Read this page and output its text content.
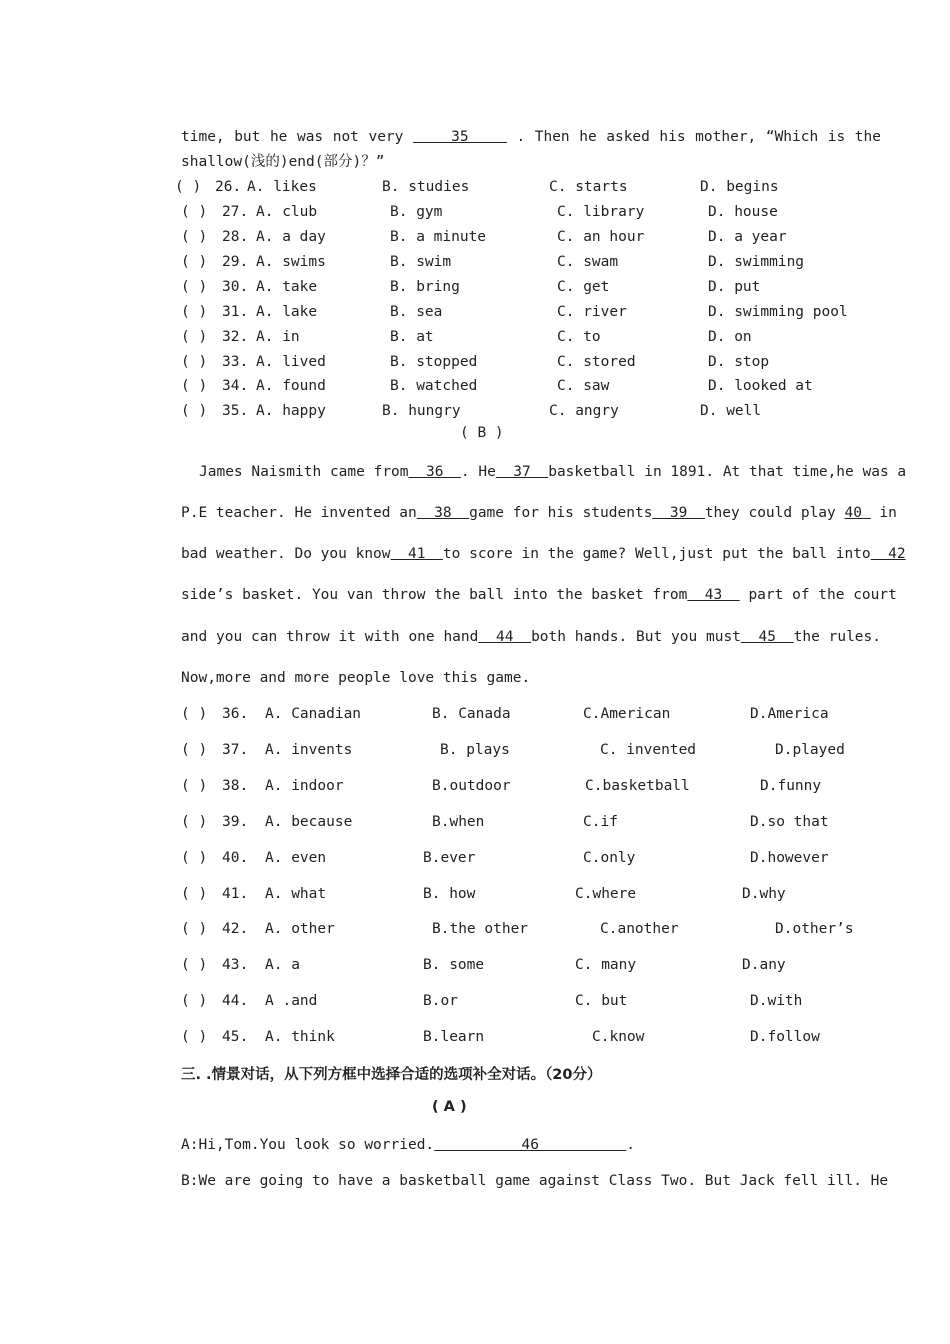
time, but he was not very     35     . Then he asked his mother, “Which is the
shallow(浅的)end(部分)？”
( ) 26. A. likes	B. studies	C. starts	D. begins
( ) 27. A. club	B. gym	C. library	D. house
( ) 28. A. a day	B. a minute	C. an hour	D. a year
( ) 29. A. swims	B. swim	C. swam	D. swimming
( ) 30. A. take	B. bring	C. get	D. put
( ) 31. A. lake	B. sea	C. river	D. swimming pool
( ) 32. A. in	B. at	C. to	D. on
( ) 33. A. lived	B. stopped	C. stored	D. stop
( ) 34. A. found	B. watched	C. saw	D. looked at
( ) 35. A. happy	B. hungry	C. angry	D. well
( B )
James Naismith came from  36  . He  37  basketball in 1891. At that time,he was a
P.E teacher. He invented an  38  game for his students  39  they could play 40  in
bad weather. Do you know  41  to score in the game? Well,just put the ball into  42
side’s basket. You van throw the ball into the basket from  43   part of the court
and you can throw it with one hand  44  both hands. But you must  45  the rules.
Now,more and more people love this game.
( ) 36. A. Canadian	B. Canada	C.American	D.America
( ) 37. A. invents	B. plays	C. invented	D.played
( ) 38. A. indoor	B.outdoor	C.basketball	D.funny
( ) 39. A. because	B.when	C.if	D.so that
( ) 40. A. even	B.ever	C.only	D.however
( ) 41. A. what	B. how	C.where	D.why
( ) 42. A. other	B.the other	C.another	D.other’s
( ) 43. A. a	B. some	C. many	D.any
( ) 44. A .and	B.or	C. but	D.with
( ) 45. A. think	B.learn	C.know	D.follow
三. .情景对话，从下列方框中选择合适的选项补全对话。（20分）
( A )
A:Hi,Tom.You look so worried.          46          .
B:We are going to have a basketball game against Class Two. But Jack fell ill. He
